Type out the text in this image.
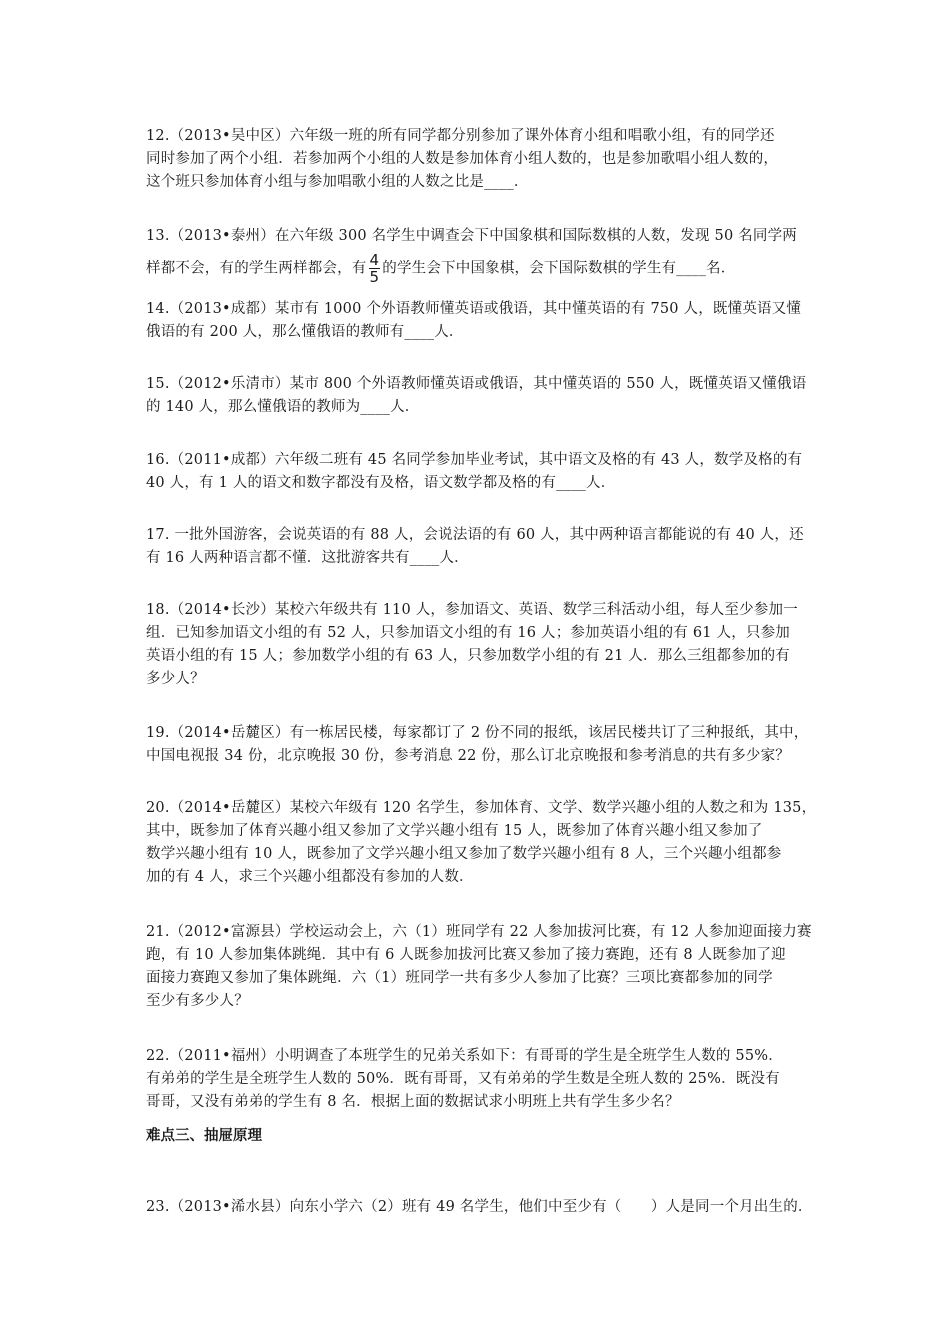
12.（2013•吴中区）六年级一班的所有同学都分别参加了课外体育小组和唱歌小组，有的同学还
同时参加了两个小组．若参加两个小组的人数是参加体育小组人数的，也是参加歌唱小组人数的，
这个班只参加体育小组与参加唱歌小组的人数之比是____．

13.（2013•泰州）在六年级 300 名学生中调查会下中国象棋和国际数棋的人数，发现 50 名同学两
样都不会，有的学生两样都会，有 $\frac{4}{5}$ 的学生会下中国象棋，会下国际数棋的学生有____名．

14.（2013•成都）某市有 1000 个外语教师懂英语或俄语，其中懂英语的有 750 人，既懂英语又懂
俄语的有 200 人，那么懂俄语的教师有____人．

15.（2012•乐清市）某市 800 个外语教师懂英语或俄语，其中懂英语的 550 人，既懂英语又懂俄语
的 140 人，那么懂俄语的教师为____人．

16.（2011•成都）六年级二班有 45 名同学参加毕业考试，其中语文及格的有 43 人，数学及格的有
40 人，有 1 人的语文和数字都没有及格，语文数学都及格的有____人．

17. 一批外国游客，会说英语的有 88 人，会说法语的有 60 人，其中两种语言都能说的有 40 人，还
有 16 人两种语言都不懂．这批游客共有____人．

18.（2014•长沙）某校六年级共有 110 人，参加语文、英语、数学三科活动小组，每人至少参加一
组．已知参加语文小组的有 52 人，只参加语文小组的有 16 人；参加英语小组的有 61 人，只参加
英语小组的有 15 人；参加数学小组的有 63 人，只参加数学小组的有 21 人．那么三组都参加的有
多少人？

19.（2014•岳麓区）有一栋居民楼，每家都订了 2 份不同的报纸，该居民楼共订了三种报纸，其中，
中国电视报 34 份，北京晚报 30 份，参考消息 22 份，那么订北京晚报和参考消息的共有多少家？

20.（2014•岳麓区）某校六年级有 120 名学生，参加体育、文学、数学兴趣小组的人数之和为 135，
其中，既参加了体育兴趣小组又参加了文学兴趣小组有 15 人，既参加了体育兴趣小组又参加了
数学兴趣小组有 10 人，既参加了文学兴趣小组又参加了数学兴趣小组有 8 人，三个兴趣小组都参
加的有 4 人，求三个兴趣小组都没有参加的人数．

21.（2012•富源县）学校运动会上，六（1）班同学有 22 人参加拔河比赛，有 12 人参加迎面接力赛
跑，有 10 人参加集体跳绳．其中有 6 人既参加拔河比赛又参加了接力赛跑，还有 8 人既参加了迎
面接力赛跑又参加了集体跳绳．六（1）班同学一共有多少人参加了比赛？三项比赛都参加的同学
至少有多少人？

22.（2011•福州）小明调查了本班学生的兄弟关系如下：有哥哥的学生是全班学生人数的 55%．
有弟弟的学生是全班学生人数的 50%．既有哥哥，又有弟弟的学生数是全班人数的 25%．既没有
哥哥，又没有弟弟的学生有 8 名．根据上面的数据试求小明班上共有学生多少名？

难点三、抽屉原理

23.（2013•浠水县）向东小学六（2）班有 49 名学生，他们中至少有（　　）人是同一个月出生的．
